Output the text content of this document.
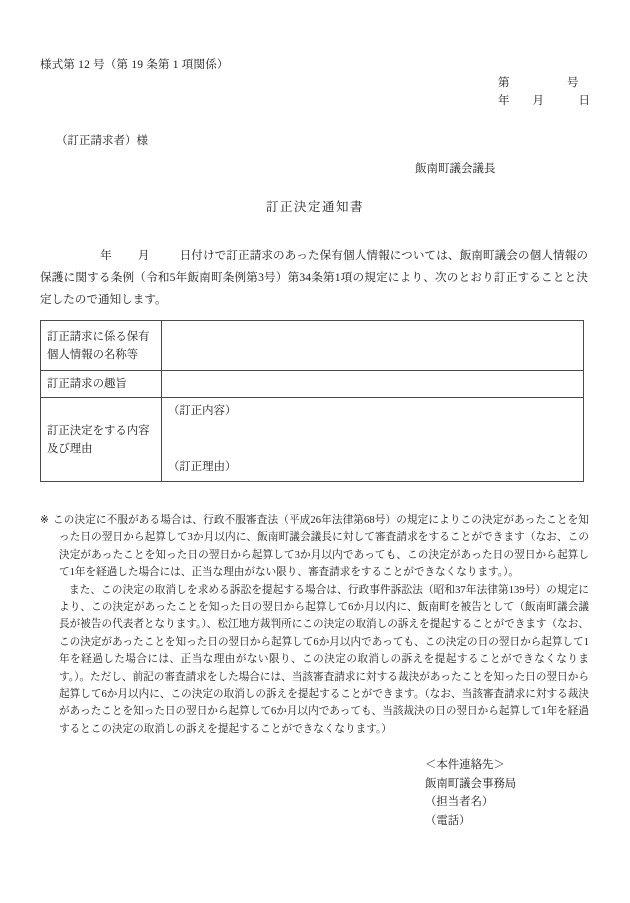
様式第 12 号（第 19 条第 1 項関係）
第　　　　　号
年　　月　　　日
（訂正請求者）様
飯南町議会議長
訂正決定通知書
年 月	日付けで訂正請求のあった保有個人情報については、飯南町議会の個人情報の保護に関する条例（令和5年飯南町条例第3号）第34条第1項の規定により、次のとおり訂正することと決定したので通知します。
訂正請求に係る保有個人情報の名称等	
訂正請求の趣旨	
訂正決定をする内容及び理由	（訂正内容）
（訂正理由）

※この決定に不服がある場合は、行政不服審査法（平成26年法律第68号）の規定によりこの決定があったことを知った日の翌日から起算して3か月以内に、飯南町議会議長に対して審査請求をすることができます（なお、この決定があったことを知った日の翌日から起算して3か月以内であっても、この決定があった日の翌日から起算して1年を経過した場合には、正当な理由がない限り、審査請求をすることができなくなります。）。

また、この決定の取消しを求める訴訟を提起する場合は、行政事件訴訟法（昭和37年法律第139号）の規定により、この決定があったことを知った日の翌日から起算して6か月以内に、飯南町を被告として（飯南町議会議長が被告の代表者となります。）、松江地方裁判所にこの決定の取消しの訴えを提起することができます（なお、この決定があったことを知った日の翌日から起算して6か月以内であっても、この決定の日の翌日から起算して1年を経過した場合には、正当な理由がない限り、この決定の取消しの訴えを提起することができなくなります。）。ただし、前記の審査請求をした場合には、当該審査請求に対する裁決があったことを知った日の翌日から起算して6か月以内に、この決定の取消しの訴えを提起することができます。（なお、当該審査請求に対する裁決があったことを知った日の翌日から起算して6か月以内であっても、当該裁決の日の翌日から起算して1年を経過するとこの決定の取消しの訴えを提起することができなくなります。）

＜本件連絡先＞
飯南町議会事務局
（担当者名）
（電話）
